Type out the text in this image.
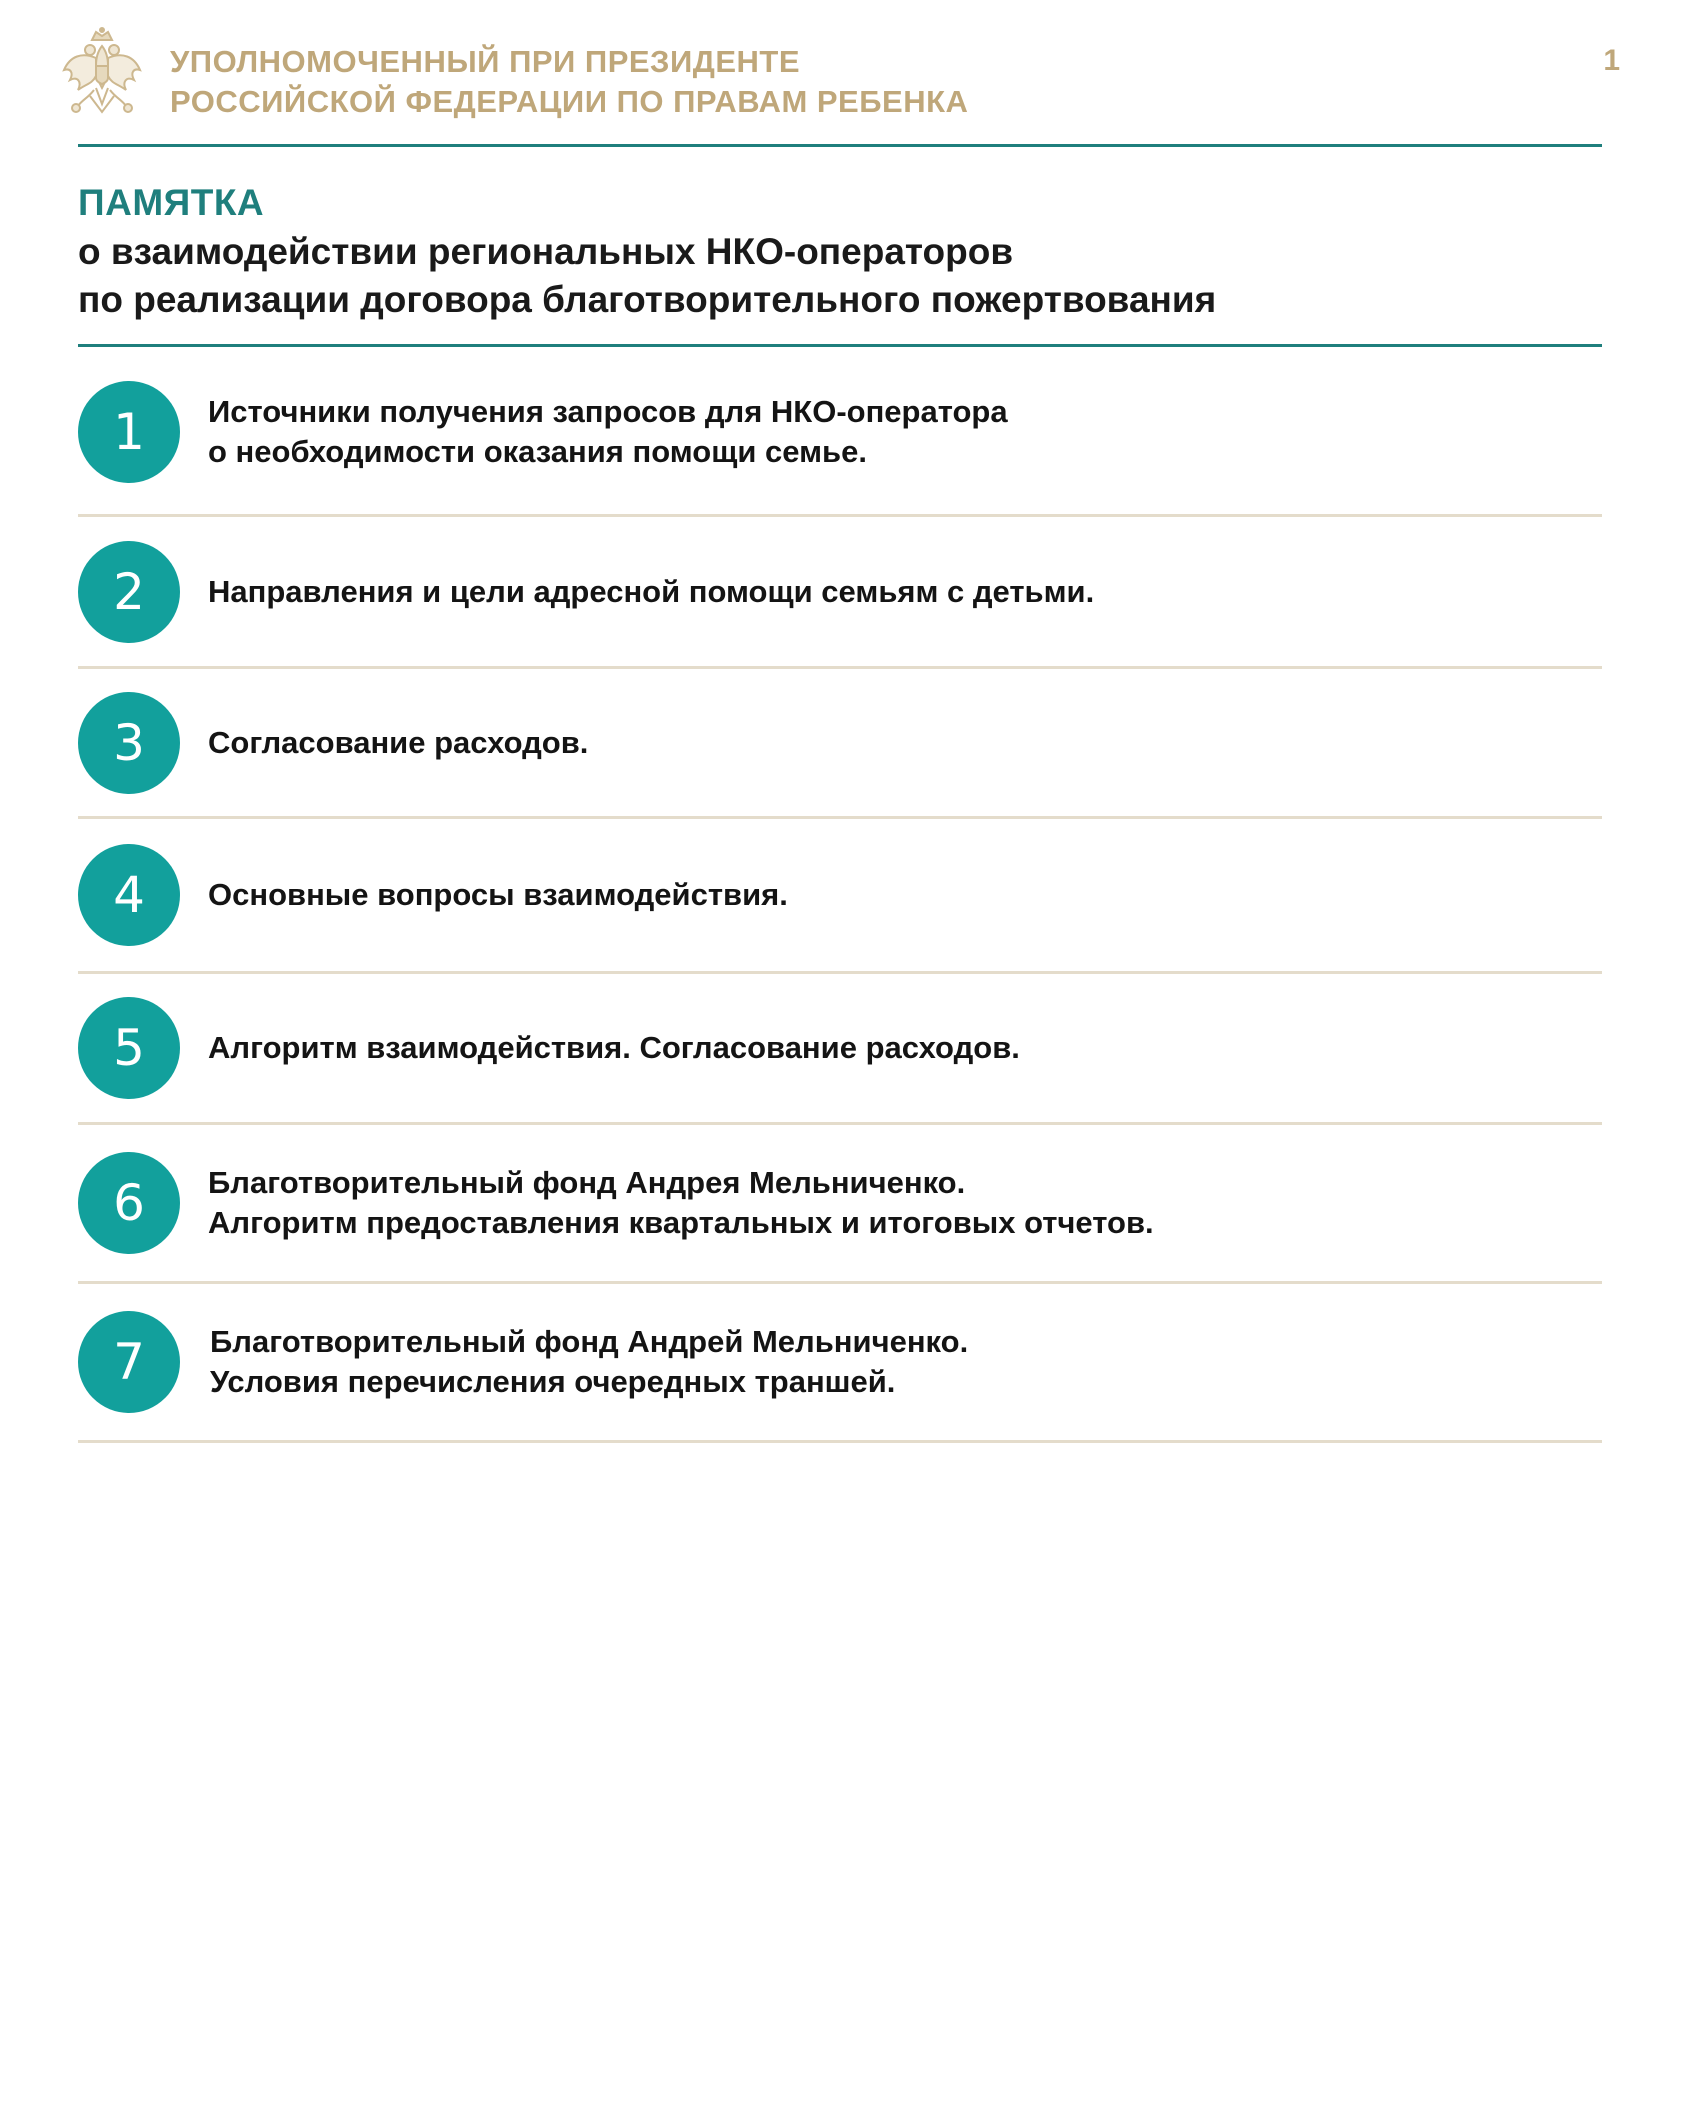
УПОЛНОМОЧЕННЫЙ ПРИ ПРЕЗИДЕНТЕ
РОССИЙСКОЙ ФЕДЕРАЦИИ ПО ПРАВАМ РЕБЕНКА
1
ПАМЯТКА
о взаимодействии региональных НКО-операторов
по реализации договора благотворительного пожертвования
1	Источники получения запросов для НКО-оператора
о необходимости оказания помощи семье.
2	Направления и цели адресной помощи семьям с детьми.
3	Согласование расходов.
4	Основные вопросы взаимодействия.
5	Алгоритм взаимодействия. Согласование расходов.
6	Благотворительный фонд Андрея Мельниченко.
Алгоритм предоставления квартальных и итоговых отчетов.
7	Благотворительный фонд Андрей Мельниченко.
Условия перечисления очередных траншей.
